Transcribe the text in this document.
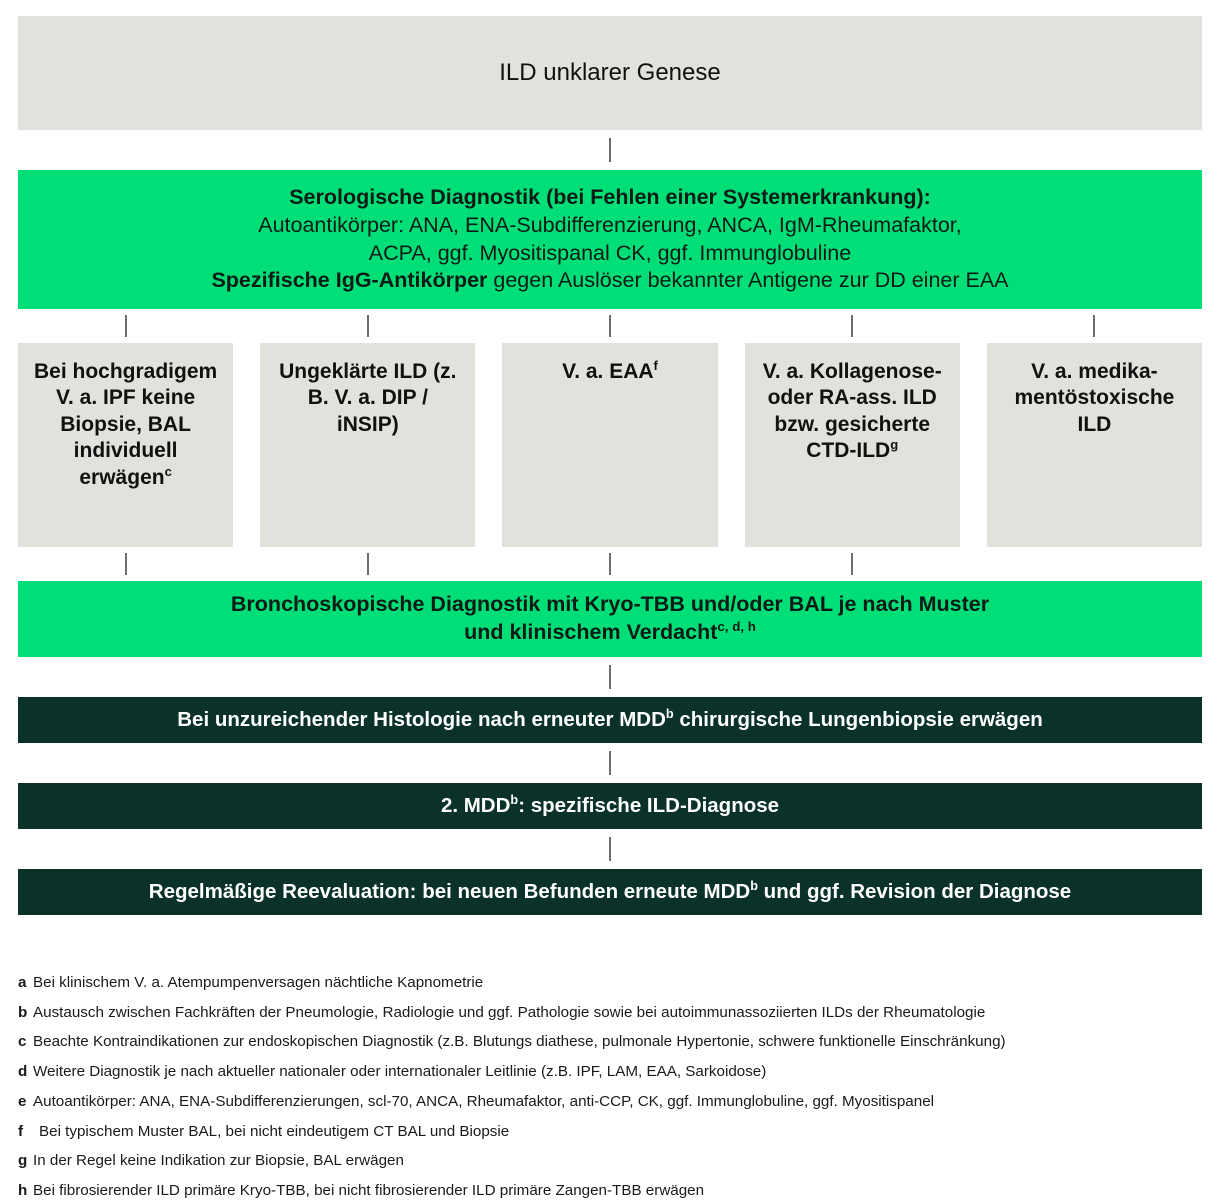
ILD unklarer Genese
Serologische Diagnostik (bei Fehlen einer Systemerkrankung):
Autoantikörper: ANA, ENA-Subdifferenzierung, ANCA, IgM-Rheumafaktor,
ACPA, ggf. Myositispanal CK, ggf. Immunglobuline
Spezifische IgG-Antikörper gegen Auslöser bekannter Antigene zur DD einer EAA
Bei hochgradigem V. a. IPF keine Biopsie, BAL individuell erwägen$^c$
Ungeklärte ILD (z. B. V. a. DIP / iNSIP)
V. a. EAA$^f$	V. a. Kollagenose- oder RA-ass. ILD bzw. gesicherte CTD-ILD$^g$
V. a. medikamentöstoxische ILD
Bronchoskopische Diagnostik mit Kryo-TBB und/oder BAL je nach Muster
und klinischem Verdacht$^{c, d, h}$
Bei unzureichender Histologie nach erneuter MDD$^b$ chirurgische Lungenbiopsie erwägen
2. MDD$^b$: spezifische ILD-Diagnose
Regelmäßige Reevaluation: bei neuen Befunden erneute MDD$^b$ und ggf. Revision der Diagnose
a Bei klinischem V. a. Atempumpenversagen nächtliche Kapnometrie
b Austausch zwischen Fachkräften der Pneumologie, Radiologie und ggf. Pathologie sowie bei autoimmunassoziierten ILDs der Rheumatologie
c Beachte Kontraindikationen zur endoskopischen Diagnostik (z.B. Blutungs diathese, pulmonale Hypertonie, schwere funktionelle Einschränkung)
d Weitere Diagnostik je nach aktueller nationaler oder internationaler Leitlinie (z.B. IPF, LAM, EAA, Sarkoidose)
e Autoantikörper: ANA, ENA-Subdifferenzierungen, scl-70, ANCA, Rheumafaktor, anti-CCP, CK, ggf. Immunglobuline, ggf. Myositispanel
f	Bei typischem Muster BAL, bei nicht eindeutigem CT BAL und Biopsie
g In der Regel keine Indikation zur Biopsie, BAL erwägen
h Bei fibrosierender ILD primäre Kryo-TBB, bei nicht fibrosierender ILD primäre Zangen-TBB erwägen
